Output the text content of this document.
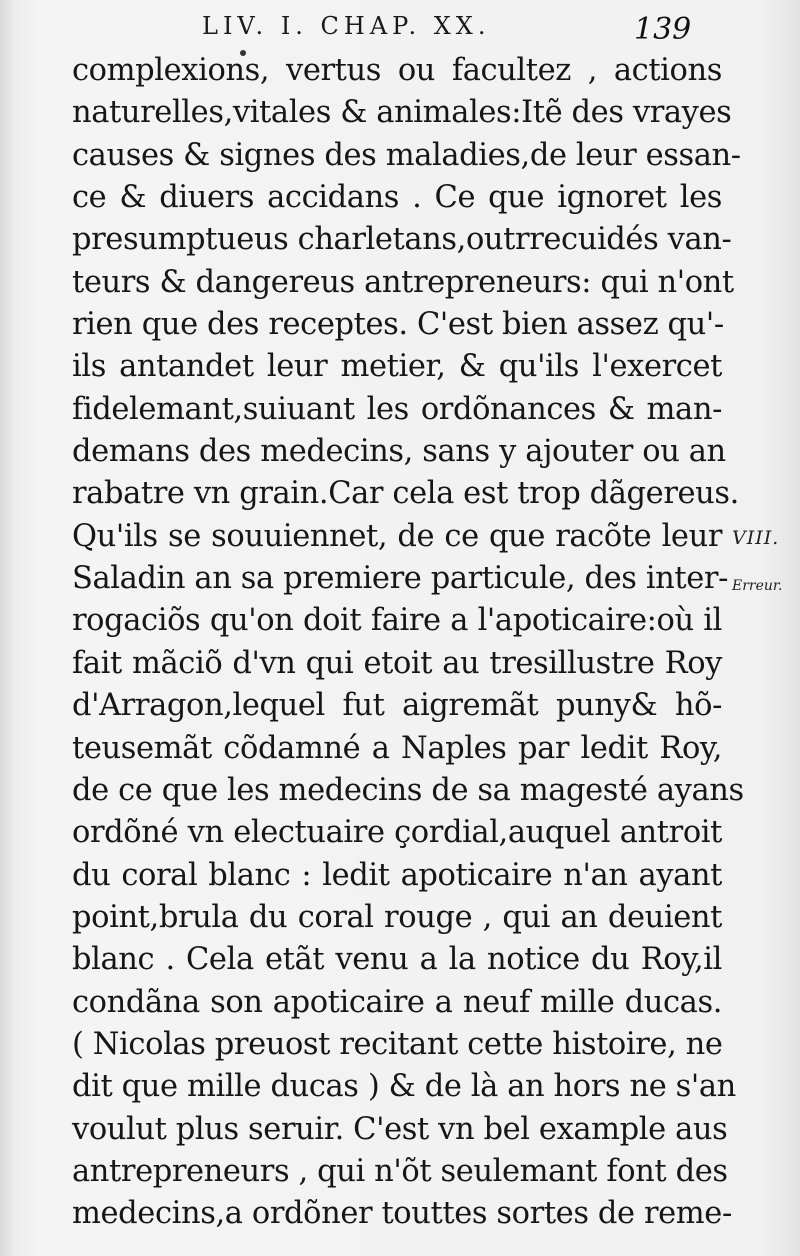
LIV. I. CHAP. XX.	139
complexions, vertus ou facultez , actions
naturelles,vitales & animales:Itẽ des vrayes
causes & signes des maladies,de leur essan-
ce & diuers accidans . Ce que ignoret les
presumptueus charletans,outrrecuidés van-
teurs & dangereus antrepreneurs: qui n'ont
rien que des receptes. C'est bien assez qu'-
ils antandet leur metier, & qu'ils l'exercet
fidelemant,suiuant les ordõnances & man-
demans des medecins, sans y ajouter ou an
rabatre vn grain.Car cela est trop dãgereus.
Qu'ils se souuiennet, de ce que racõte leur
Saladin an sa premiere particule, des inter-
rogaciõs qu'on doit faire a l'apoticaire:où il
fait mãciõ d'vn qui etoit au tresillustre Roy
d'Arragon,lequel fut aigremãt puny& hõ-
teusemãt cõdamné a Naples par ledit Roy,
de ce que les medecins de sa magesté ayans
ordõné vn electuaire çordial,auquel antroit
du coral blanc : ledit apoticaire n'an ayant
point,brula du coral rouge , qui an deuient
blanc . Cela etãt venu a la notice du Roy,il
condãna son apoticaire a neuf mille ducas.
( Nicolas preuost recitant cette histoire, ne
dit que mille ducas ) & de là an hors ne s'an
voulut plus seruir. C'est vn bel example aus
antrepreneurs , qui n'õt seulemant font des
medecins,a ordõner touttes sortes de reme-
VIII.
Erreur.
